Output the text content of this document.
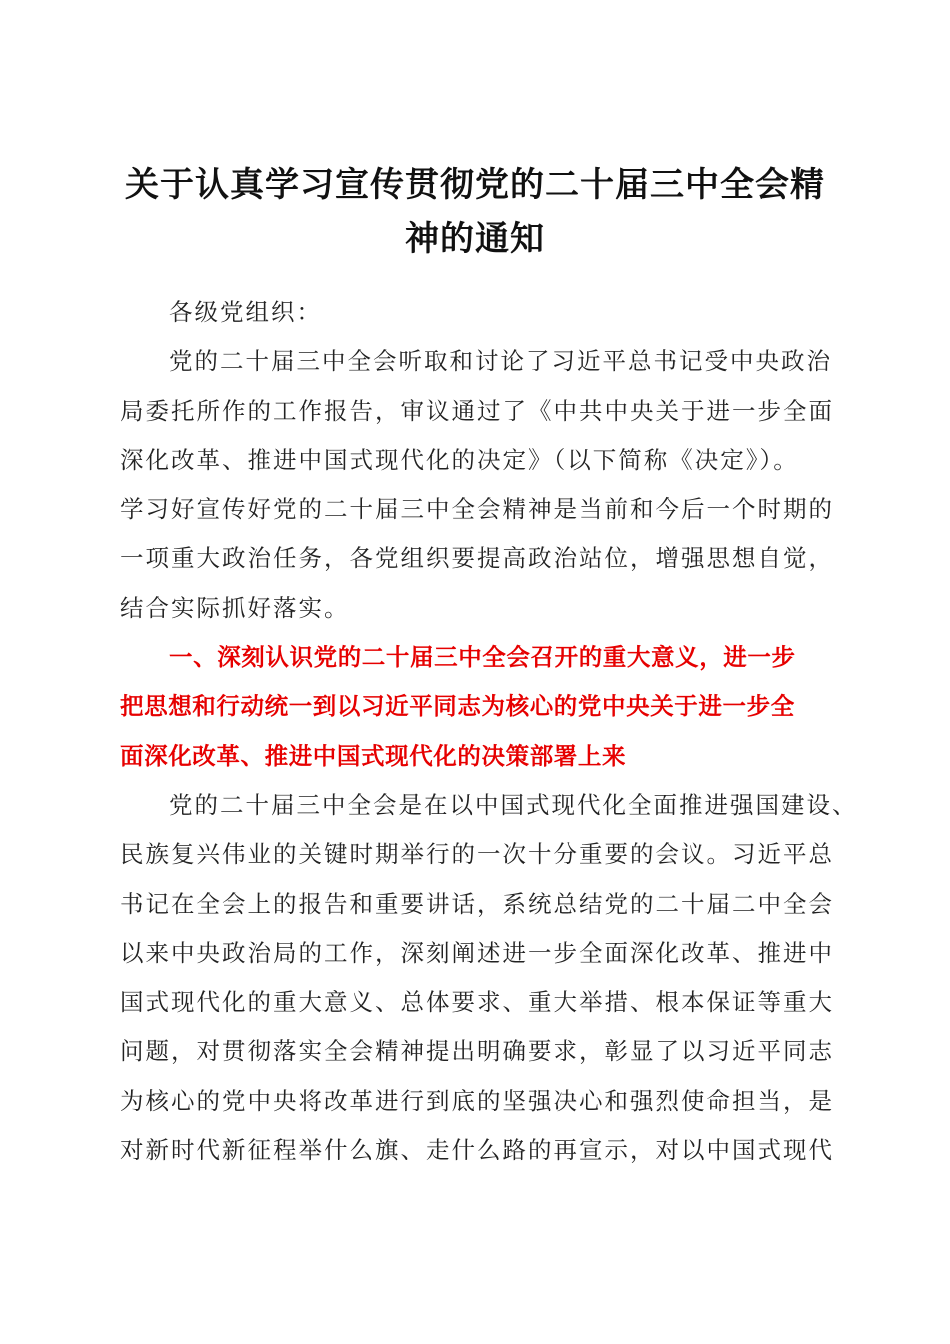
关于认真学习宣传贯彻党的二十届三中全会精
神的通知
各级党组织：
党的二十届三中全会听取和讨论了习近平总书记受中央政治
局委托所作的工作报告，审议通过了《中共中央关于进一步全面
深化改革、推进中国式现代化的决定》（以下简称《决定》）。
学习好宣传好党的二十届三中全会精神是当前和今后一个时期的
一项重大政治任务，各党组织要提高政治站位，增强思想自觉，
结合实际抓好落实。
一、深刻认识党的二十届三中全会召开的重大意义，进一步
把思想和行动统一到以习近平同志为核心的党中央关于进一步全
面深化改革、推进中国式现代化的决策部署上来
党的二十届三中全会是在以中国式现代化全面推进强国建设、
民族复兴伟业的关键时期举行的一次十分重要的会议。习近平总
书记在全会上的报告和重要讲话，系统总结党的二十届二中全会
以来中央政治局的工作，深刻阐述进一步全面深化改革、推进中
国式现代化的重大意义、总体要求、重大举措、根本保证等重大
问题，对贯彻落实全会精神提出明确要求，彰显了以习近平同志
为核心的党中央将改革进行到底的坚强决心和强烈使命担当，是
对新时代新征程举什么旗、走什么路的再宣示，对以中国式现代
